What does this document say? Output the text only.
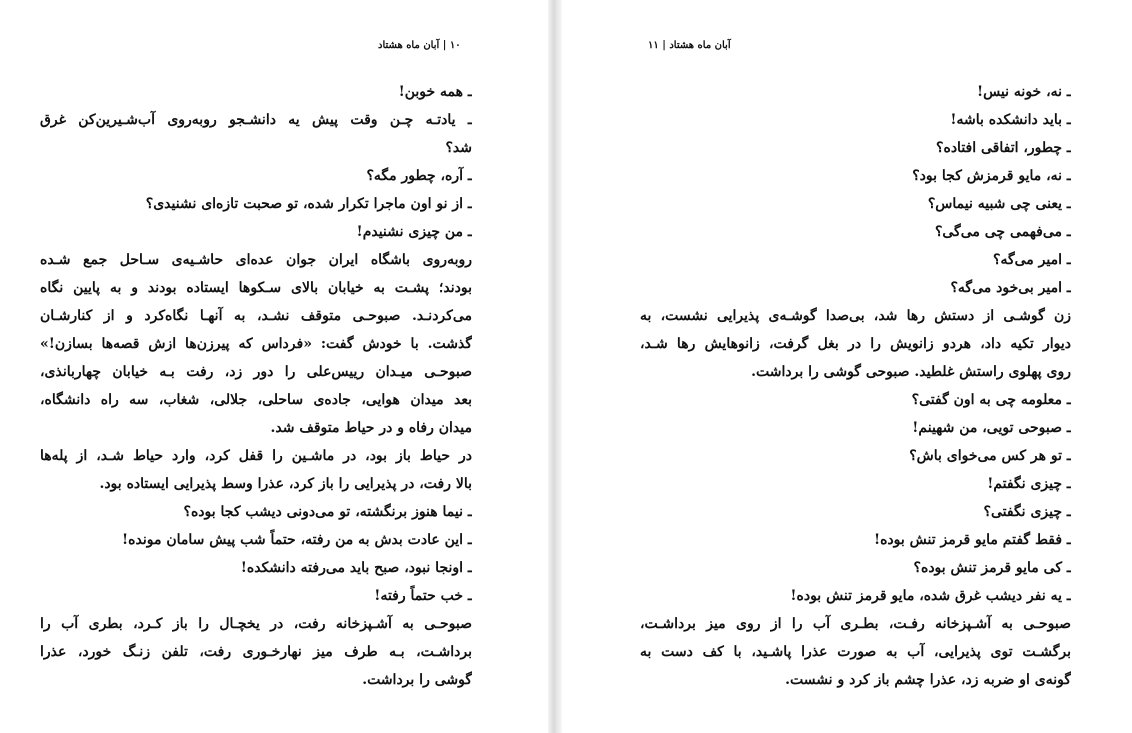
۱۰ | آبان ماه هشتاد
ـ همه خوبن!
ـ یادتـه چـن وقت پیش یه دانشـجو روبه‌روی آب‌شـیرین‌کن غرق
شد؟
ـ آره، چطور مگه؟
ـ از نو اون ماجرا تکرار شده، تو صحبت تازه‌ای نشنیدی؟
ـ من چیزی نشنیدم!
روبه‌روی باشگاه ایران جوان عده‌ای حاشـیه‌ی سـاحل جمع شـده
بودند؛ پشـت به خیابان بالای سـکوها ایستاده بودند و به پایین نگاه
می‌کردنـد. صبوحـی متوقف نشـد، به آنهـا نگاه‌کرد و از کنارشـان
گذشت. با خودش گفت: «فرداس که پیرزن‌ها ازش قصه‌ها بسازن!»
صبوحـی میـدان رییس‌علی را دور زد، رفت بـه خیابان چهاربانذی،
بعد میدان هوایی، جاده‌ی ساحلی، جلالی، شغاب، سه راه دانشگاه،
میدان رفاه و در حیاط متوقف شد.
در حیاط باز بود، در ماشـین را قفل کرد، وارد حیاط شـد، از پله‌ها
بالا رفت، در پذیرایی را باز کرد، عذرا وسط پذیرایی ایستاده بود.
ـ نیما هنوز برنگشته، تو می‌دونی دیشب کجا بوده؟
ـ این عادت بدش به من رفته، حتماً شب پیش سامان مونده!
ـ اونجا نبود، صبح باید می‌رفته دانشکده!
ـ خب حتماً رفته!
صبوحـی به آشـپزخانه رفت، در یخچـال را باز کـرد، بطری آب را
برداشـت، بـه طرف میز نهارخـوری رفت، تلفن زنـگ خورد، عذرا
گوشی را برداشت.
آبان ماه هشتاد | ۱۱
ـ نه، خونه نیس!
ـ باید دانشکده باشه!
ـ چطور، اتفاقی افتاده؟
ـ نه، مایو قرمزش کجا بود؟
ـ یعنی چی شبیه نیماس؟
ـ می‌فهمی چی می‌گی؟
ـ امیر می‌گه؟
ـ امیر بی‌خود می‌گه؟
زن گوشـی از دستش رها شد، بی‌صدا گوشـه‌ی پذیرایی نشست، به
دیوار تکیه داد، هردو زانویش را در بغل گرفت، زانوهایش رها شـد،
روی پهلوی راستش غلطید. صبوحی گوشی را برداشت.
ـ معلومه چی به اون گفتی؟
ـ صبوحی تویی، من شهینم!
ـ تو هر کس می‌خوای باش؟
ـ چیزی نگفتم!
ـ چیزی نگفتی؟
ـ فقط گفتم مایو قرمز تنش بوده!
ـ کی مایو قرمز تنش بوده؟
ـ یه نفر دیشب غرق شده، مایو قرمز تنش بوده!
صبوحـی به آشـپزخانه رفـت، بطـری آب را از روی میز برداشـت،
برگشـت توی پذیرایی، آب به صورت عذرا پاشـید، با کف دست به
گونه‌ی او ضربه زد، عذرا چشم باز کرد و نشست.
